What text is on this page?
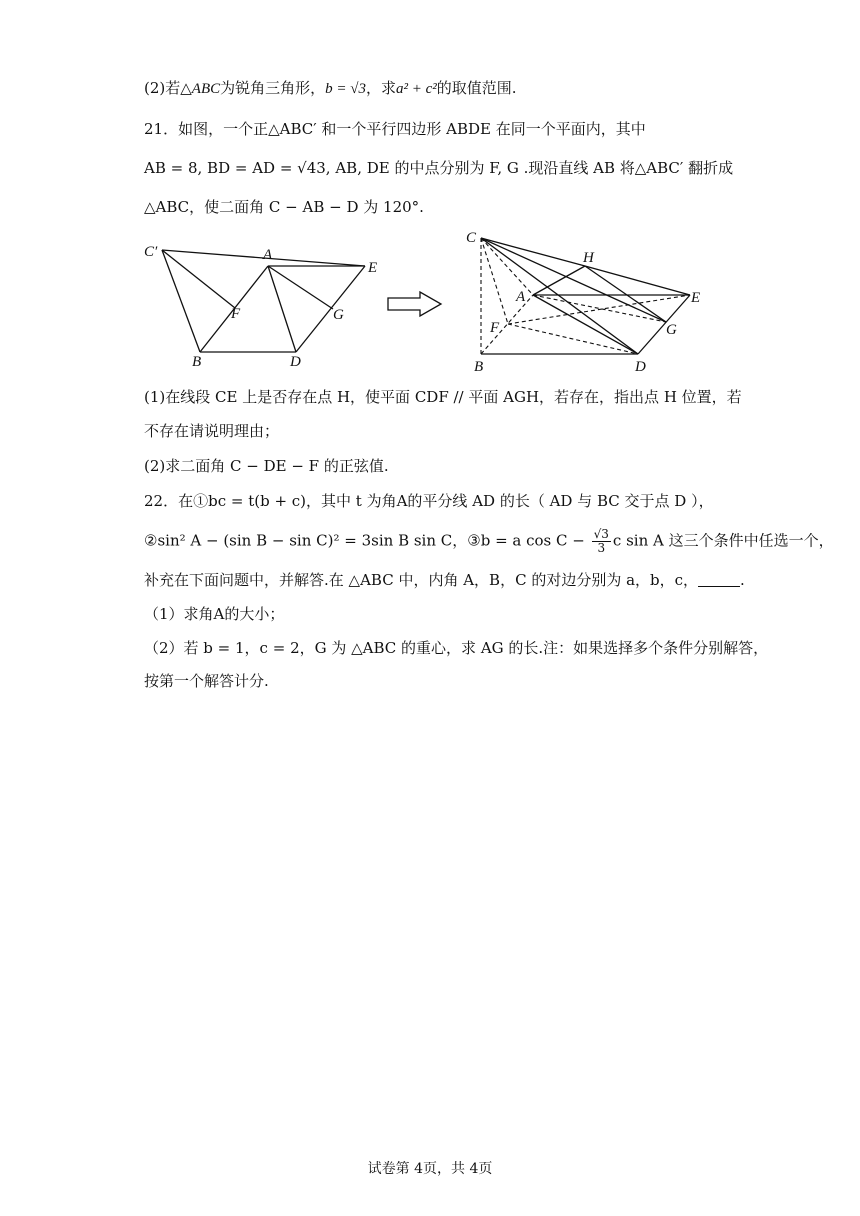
(2)若△ABC为锐角三角形，b = √3，求a² + c²的取值范围.
21．如图，一个正△ABC′ 和一个平行四边形 ABDE 在同一个平面内，其中
AB = 8, BD = AD = √43, AB, DE 的中点分别为 F, G .现沿直线 AB 将△ABC′ 翻折成
△ABC，使二面角 C − AB − D 为 120°.
C′	A
E
F	G
B	D
C
H
A	E
F	G
B	D
(1)在线段 CE 上是否存在点 H，使平面 CDF // 平面 AGH，若存在，指出点 H 位置，若
不存在请说明理由；
(2)求二面角 C − DE − F 的正弦值.
22．在①bc = t(b + c)，其中 t 为角A的平分线 AD 的长（ AD 与 BC 交于点 D ），
②sin² A − (sin B − sin C)² = 3sin B sin C，③b = a $\cos C - \frac{√3}{3}$ c sin A 这三个条件中任选一个，
补充在下面问题中，并解答.在 △ABC 中，内角 A，B，C 的对边分别为 a，b，c，	.
（1）求角A的大小；
（2）若 b = 1，c = 2，G 为 △ABC 的重心，求 AG 的长.注：如果选择多个条件分别解答，
按第一个解答计分.
试卷第 4页，共 4页
